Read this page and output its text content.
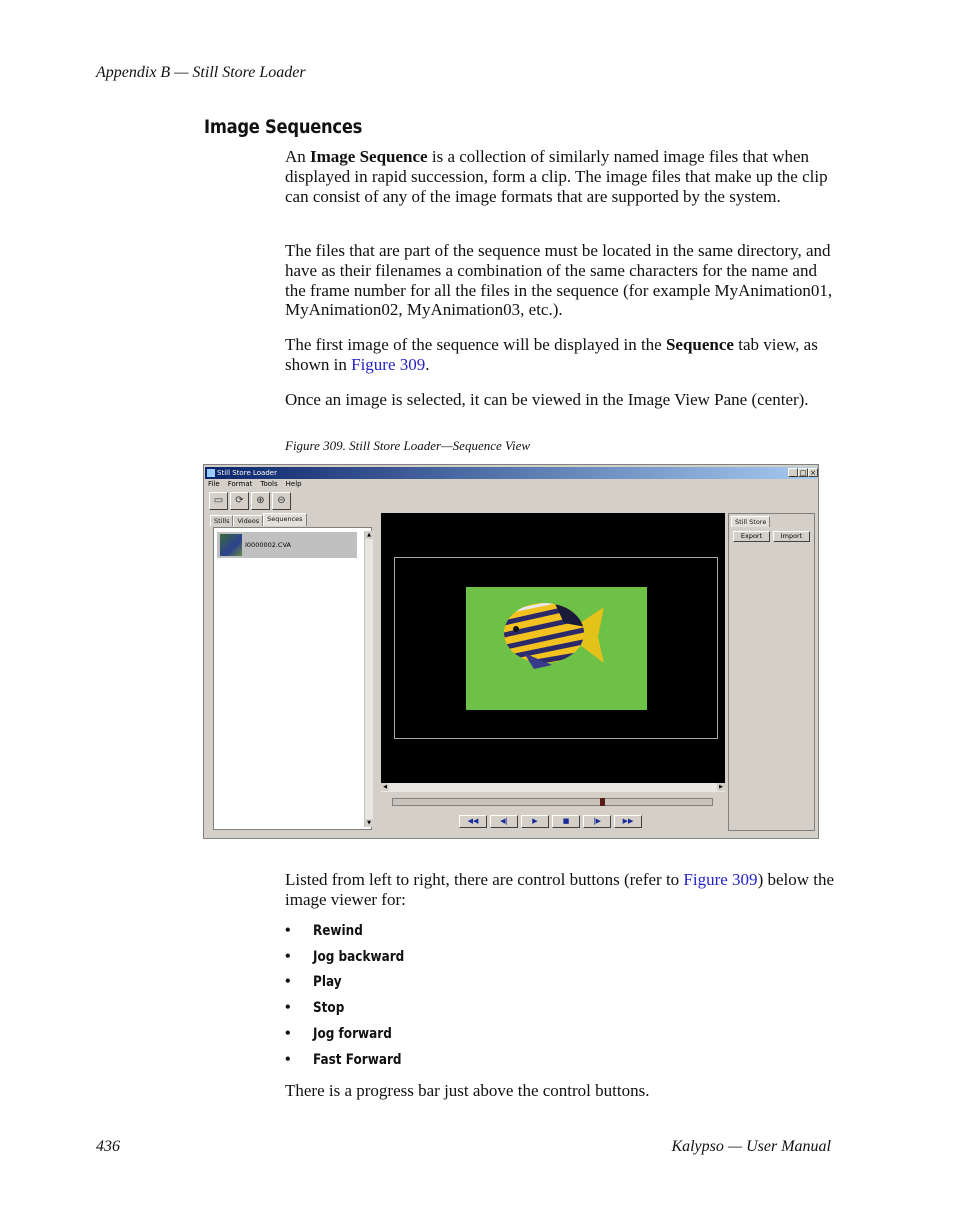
Appendix B — Still Store Loader
Image Sequences

An Image Sequence is a collection of similarly named image files that when displayed in rapid succession, form a clip. The image files that make up the clip can consist of any of the image formats that are supported by the system.

The files that are part of the sequence must be located in the same directory, and have as their filenames a combination of the same characters for the name and the frame number for all the files in the sequence (for example MyAnimation01, MyAnimation02, MyAnimation03, etc.).

The first image of the sequence will be displayed in the Sequence tab view, as shown in Figure 309.

Once an image is selected, it can be viewed in the Image View Pane (center).

Figure 309. Still Store Loader—Sequence View
Still Store Loader	_ □ ×
File Format Tools Help
▭	⟳	⊕	⊖
Stills	Videos	Sequences
I0000002.CVA
▲
▼
◀	▶
◀◀	◀|	▶	■	|▶	▶▶
Still Store
Export	Import

Listed from left to right, there are control buttons (refer to Figure 309) below the image viewer for:

•	Rewind
•	Jog backward
•	Play
•	Stop
•	Jog forward
•	Fast Forward

There is a progress bar just above the control buttons.

436	Kalypso — User Manual
